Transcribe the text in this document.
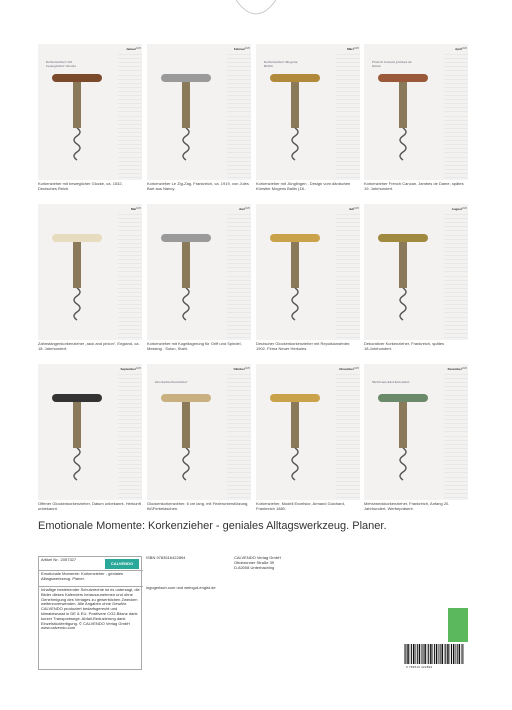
Korkenzieher mit beweglicher Glocke
Januar 2025
Korkenzieher mit beweglicher Glocke, ca. 1532, Deutsches Reich.
Februar 2025
Korkenzieher Le Zig-Zag, Frankreich, ca. 1919, von Jules Bart aus Nancy.
Korkenzieher Mogens Ballin
März 2025
Korkenzieher mit Jünglingen . Design vom dänischen Künstler Mogens Ballin (18..
French Cancan Jambes de Dame
April 2025
Korkenzieher French Cancan. Jambes de Dame, spätes 19. Jahrhundert.
Mai 2025
Zahnstangenkorkenzieher „rack and pinion“, England, ca. 18. Jahrhundert.
Juni 2025
Korkenzieher mit Kugellagerung für Griff und Spindel, Messing . Solon, Stahl.
Juli 2025
Deutscher Glockenkorkenzieher mit Repulsionsfeder, 1902. Firma Neuer Herkules.
August 2025
Dekorativer Korkenzieher, Frankreich, spätes 18.Jahrhundert.
September 2025
Offener Glockenkorkenzieher, Datum unbekannt, Herkunft unbekannt.
Glockenkorkenzieher
Oktober 2025
Glockenkorkenzieher, 6 cm lang, mit Federunterstützung, füßFerbelaschen.
November 2025
Korkenzieher, Modell Excelsior, Armand Guichard, Frankreich 1880.
Mehrzweckkorkenzieher
Dezember 2025
Mehrzweckkorkenzieher, Frankreich, Anfang 20. Jahrhundert, Werbepräsent.
Emotionale Momente: Korkenzieher - geniales Alltagswerkzeug. Planer.
Artikel Nr.: 2057327
CALVENDO
Emotionale Momente: Korkenzieher - geniales Alltagswerkzeug. Planer.
Inhaltige bestehender Schutzrechte ist es untersagt, die Bilder dieses Kalenders herauszunehmen und ohne Genehmigung des Verlages zu gewerblichen Zwecken weiterzuverwenden. Alle Angaben ohne Gewähr. CALVENDO produziert bedarfsgerecht und klimabewusst in DE & EU. Positivere CO2-Bilanz dank kurzer Transportwege. Abfall-Reduzierung dank Einzelstückfertigung. © CALVENDO Verlag GmbH www.calvendo.com
ISBN 9783516422894	CALVENDO Verlag GmbH
Ottobrunner Straße 39
D-82008 Unterhaching
ingogerlach.com und weingut-engist.de
9 783516 422894
